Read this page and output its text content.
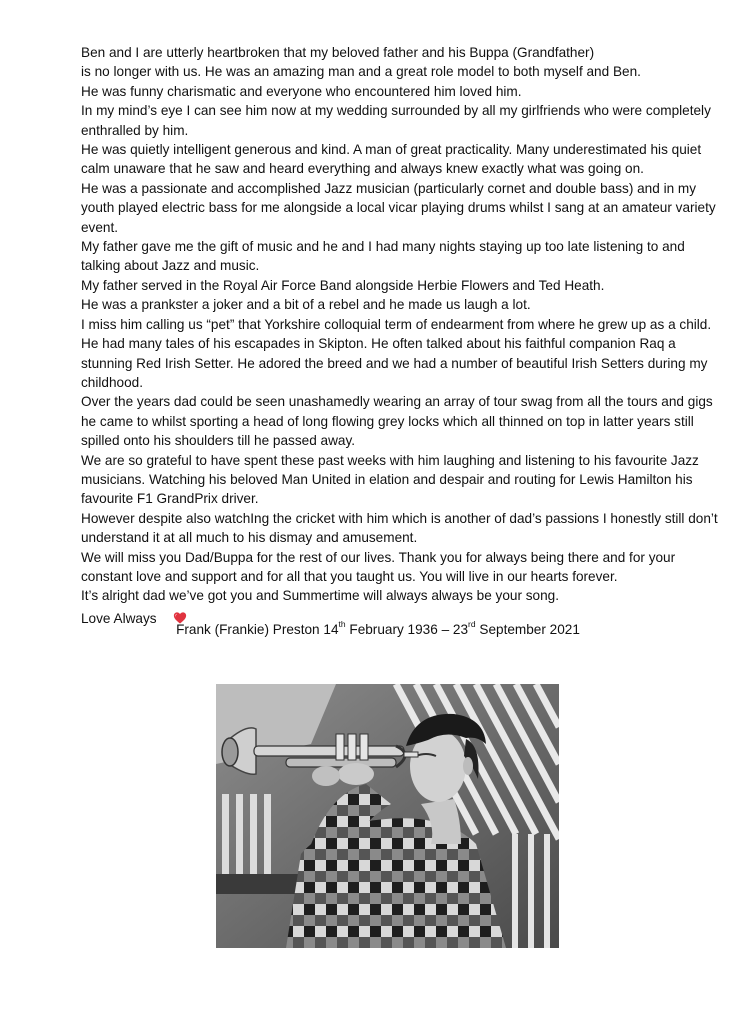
Ben and I are utterly heartbroken that my beloved father and his Buppa (Grandfather)

is no longer with us. He was an amazing man and a great role model to both myself and Ben.

He was funny charismatic and everyone who encountered him loved him.

In my mind’s eye I can see him now at my wedding surrounded by all my girlfriends who were completely enthralled by him.

He was quietly intelligent generous and kind. A man of great practicality. Many underestimated his quiet calm unaware that he saw and heard everything and always knew exactly what was going on.

He was a passionate and accomplished Jazz musician (particularly cornet and double bass) and in my youth played electric bass for me alongside a local vicar playing drums whilst I sang at an amateur variety event.

My father gave me the gift of music and he and I had many nights staying up too late listening to and talking about Jazz and music.

My father served in the Royal Air Force Band alongside Herbie Flowers and Ted Heath.

He was a prankster a joker and a bit of a rebel and he made us laugh a lot.

I miss him calling us “pet” that Yorkshire colloquial term of endearment from where he grew up as a child. He had many tales of his escapades in Skipton. He often talked about his faithful companion Raq a stunning Red Irish Setter. He adored the breed and we had a number of beautiful Irish Setters during my childhood.

Over the years dad could be seen unashamedly wearing an array of tour swag from all the tours and gigs he came to whilst sporting a head of long flowing grey locks which all thinned on top in latter years still spilled onto his shoulders till he passed away.

We are so grateful to have spent these past weeks with him laughing and listening to his favourite Jazz musicians. Watching his beloved Man United in elation and despair and routing for Lewis Hamilton his favourite F1 GrandPrix driver.

However despite also watchIng the cricket with him which is another of dad’s passions I honestly still don’t understand it at all much to his dismay and amusement.

We will miss you Dad/Buppa for the rest of our lives. Thank you for always being there and for your constant love and support and for all that you taught us. You will live in our hearts forever.

It’s alright dad we’ve got you and Summertime will always always be your song.

Love Always
Frank (Frankie) Preston 14th February 1936 – 23rd September 2021
